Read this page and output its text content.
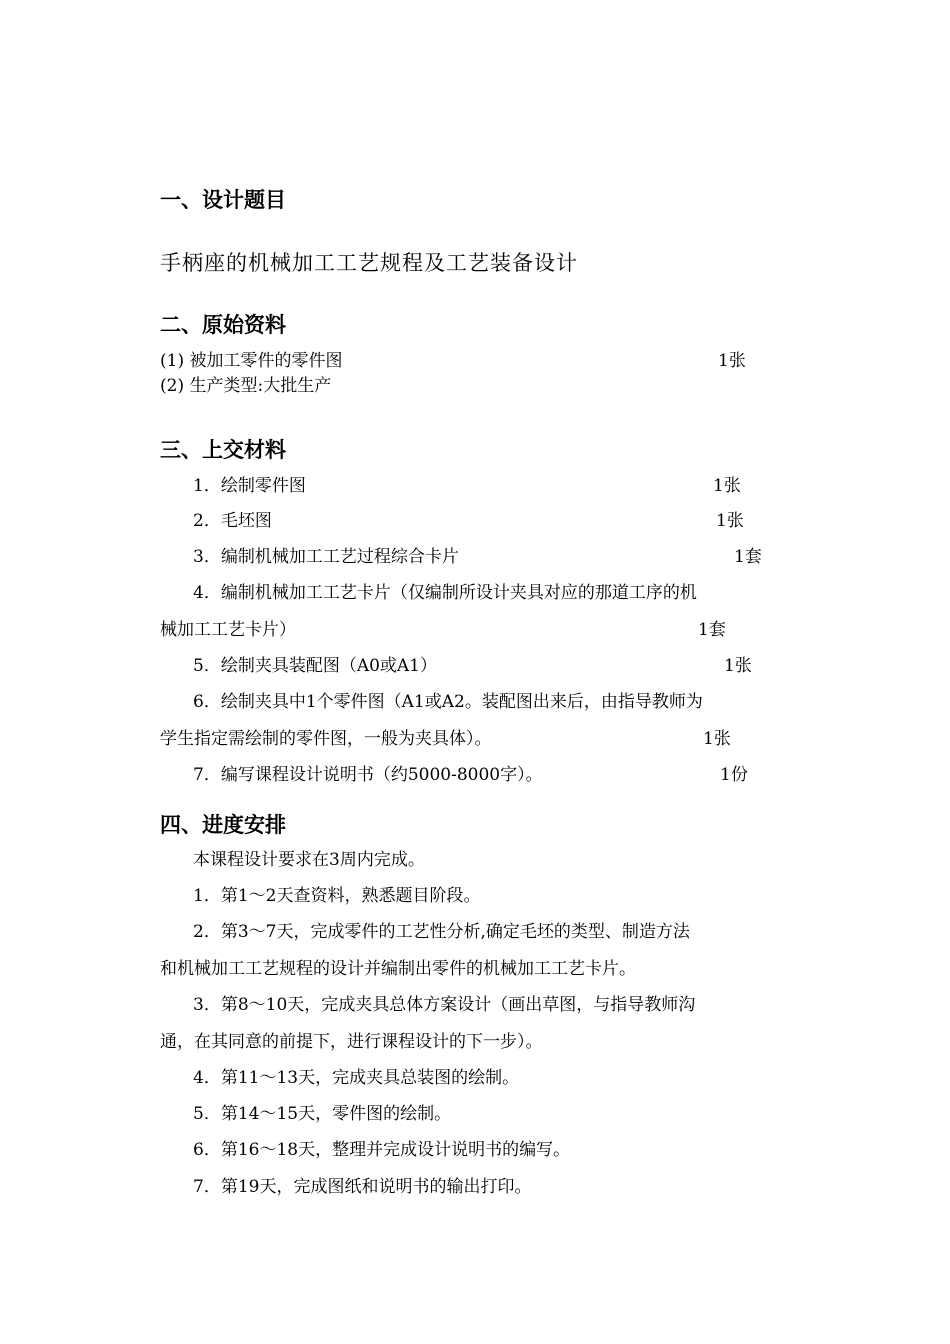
一、设计题目
手柄座的机械加工工艺规程及工艺装备设计
二、原始资料
(1) 被加工零件的零件图	1张
(2) 生产类型:大批生产
三、上交材料
1．绘制零件图	1张
2．毛坯图	1张
3．编制机械加工工艺过程综合卡片	1套
4．编制机械加工工艺卡片（仅编制所设计夹具对应的那道工序的机
械加工工艺卡片）	1套
5．绘制夹具装配图（A0或A1）	1张
6．绘制夹具中1个零件图（A1或A2。装配图出来后，由指导教师为
学生指定需绘制的零件图，一般为夹具体）。	1张
7．编写课程设计说明书（约5000-8000字）。	1份
四、进度安排
本课程设计要求在3周内完成。
1．第1～2天查资料，熟悉题目阶段。
2．第3～7天，完成零件的工艺性分析,确定毛坯的类型、制造方法
和机械加工工艺规程的设计并编制出零件的机械加工工艺卡片。
3．第8～10天，完成夹具总体方案设计（画出草图，与指导教师沟
通，在其同意的前提下，进行课程设计的下一步）。
4．第11～13天，完成夹具总装图的绘制。
5．第14～15天，零件图的绘制。
6．第16～18天，整理并完成设计说明书的编写。
7．第19天，完成图纸和说明书的输出打印。
